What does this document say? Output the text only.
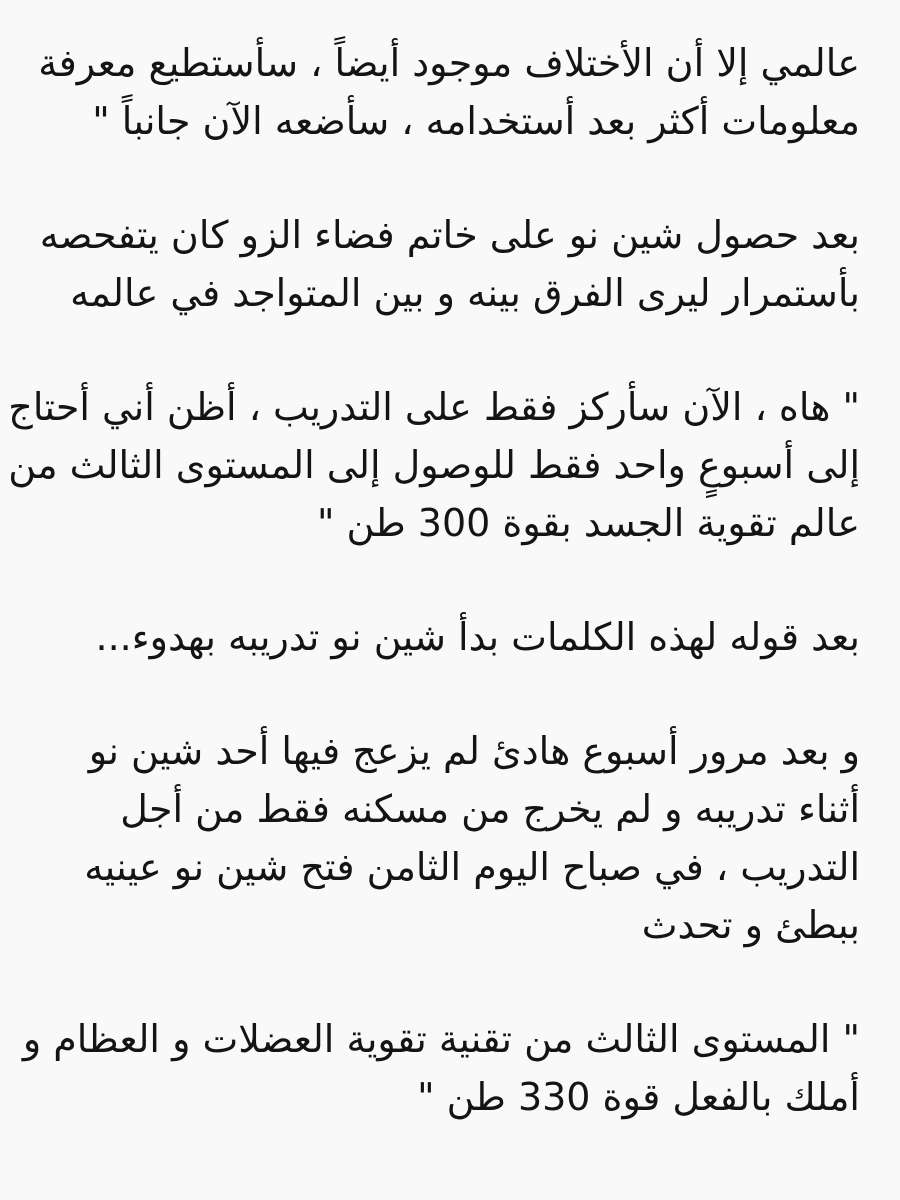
عالمي إلا أن الأختلاف موجود أيضاً ، سأستطيع معرفة
معلومات أكثر بعد أستخدامه ، سأضعه الآن جانباً "

بعد حصول شين نو على خاتم فضاء الزو كان يتفحصه
بأستمرار ليرى الفرق بينه و بين المتواجد في عالمه

" هاه ، الآن سأركز فقط على التدريب ، أظن أني أحتاج
إلى أسبوعٍ واحد فقط للوصول إلى المستوى الثالث من
عالم تقوية الجسد بقوة 300 طن "

بعد قوله لهذه الكلمات بدأ شين نو تدريبه بهدوء...

و بعد مرور أسبوع هادئ لم يزعج فيها أحد شين نو
أثناء تدريبه و لم يخرج من مسكنه فقط من أجل
التدريب ، في صباح اليوم الثامن فتح شين نو عينيه
ببطئ و تحدث

" المستوى الثالث من تقنية تقوية العضلات و العظام و
أملك بالفعل قوة 330 طن "
